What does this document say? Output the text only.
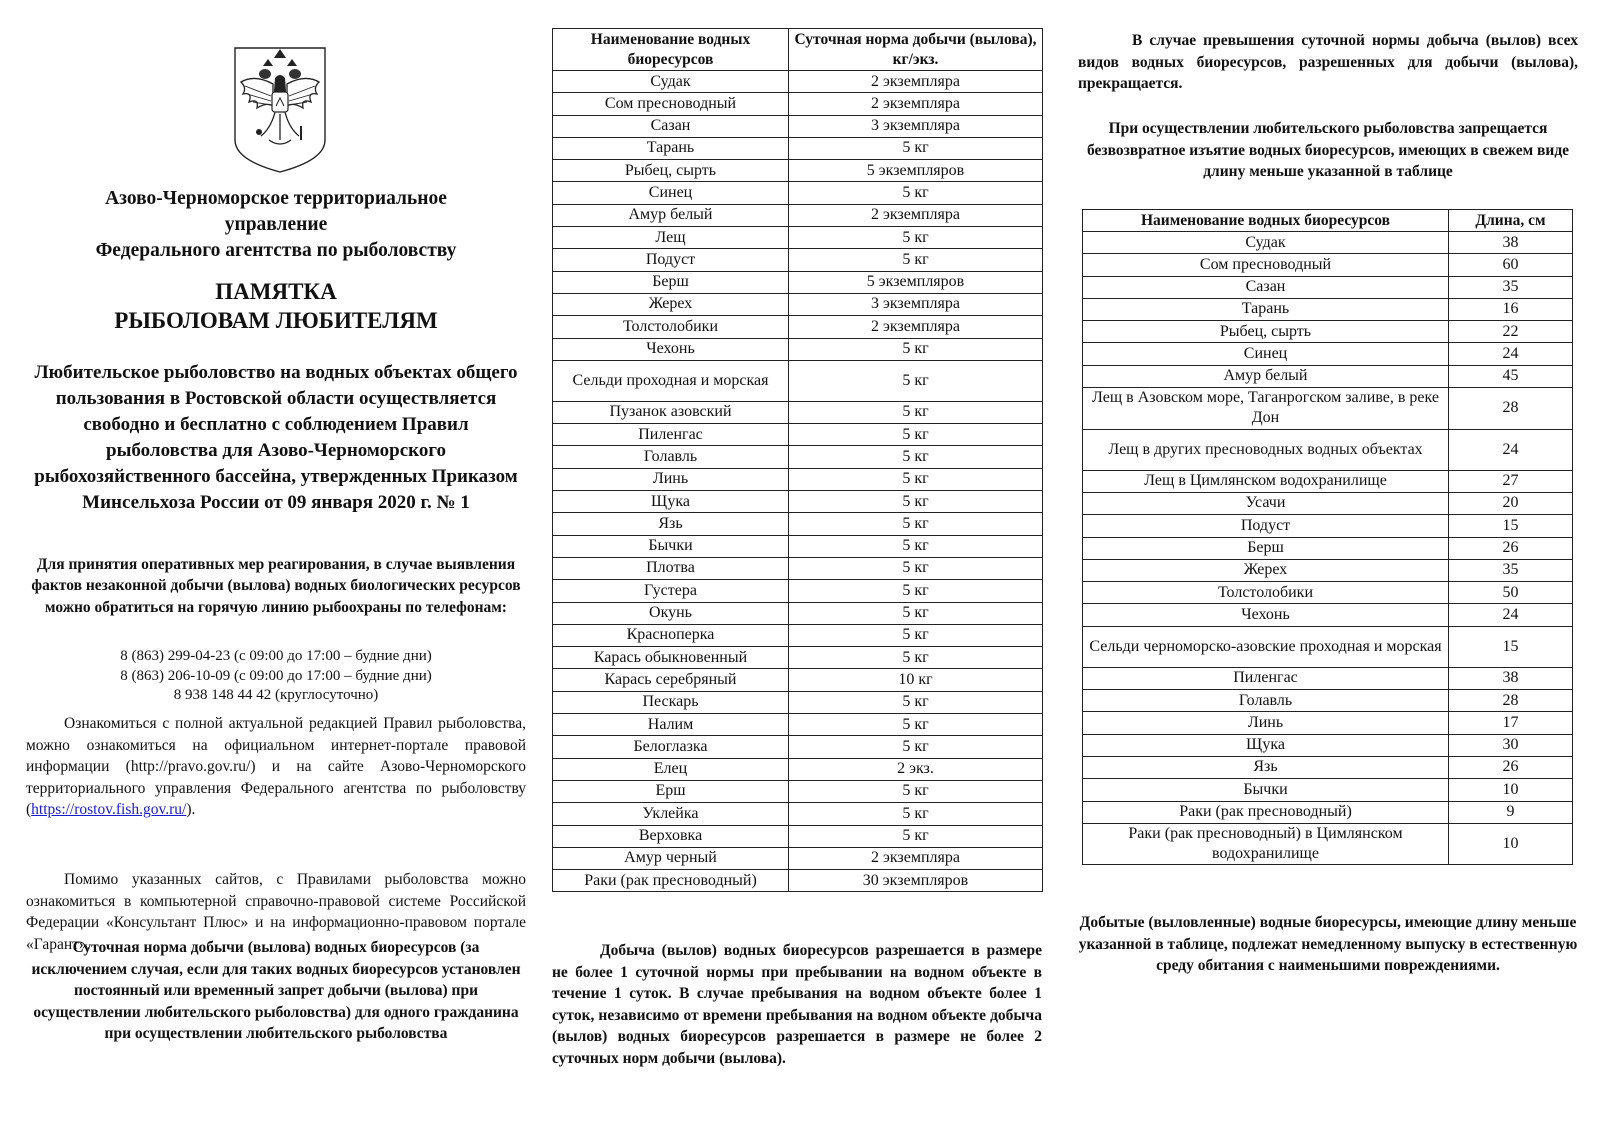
Азово-Черноморское территориальное
управление
Федерального агентства по рыболовству
ПАМЯТКА
РЫБОЛОВАМ ЛЮБИТЕЛЯМ
Любительское рыболовство на водных объектах общего пользования в Ростовской области осуществляется свободно и бесплатно с соблюдением Правил рыболовства для Азово-Черноморского рыбохозяйственного бассейна, утвержденных Приказом Минсельхоза России от 09 января 2020 г. № 1
Для принятия оперативных мер реагирования, в случае выявления фактов незаконной добычи (вылова) водных биологических ресурсов можно обратиться на горячую линию рыбоохраны по телефонам:
8 (863) 299-04-23 (с 09:00 до 17:00 – будние дни)
8 (863) 206-10-09 (с 09:00 до 17:00 – будние дни)
8 938 148 44 42 (круглосуточно)
Ознакомиться с полной актуальной редакцией Правил рыболовства, можно ознакомиться на официальном интернет-портале правовой информации (http://pravo.gov.ru/) и на сайте Азово-Черноморского территориального управления Федерального агентства по рыболовству (https://rostov.fish.gov.ru/).
Помимо указанных сайтов, с Правилами рыболовства можно ознакомиться в компьютерной справочно-правовой системе Российской Федерации «Консультант Плюс» и на информационно-правовом портале «Гарант».
Суточная норма добычи (вылова) водных биоресурсов (за исключением случая, если для таких водных биоресурсов установлен постоянный или временный запрет добычи (вылова) при осуществлении любительского рыболовства) для одного гражданина при осуществлении любительского рыболовства
Наименование водных биоресурсов	Суточная норма добычи (вылова), кг/экз.
Судак	2 экземпляра
Сом пресноводный	2 экземпляра
Сазан	3 экземпляра
Тарань	5 кг
Рыбец, сырть	5 экземпляров
Синец	5 кг
Амур белый	2 экземпляра
Лещ	5 кг
Подуст	5 кг
Берш	5 экземпляров
Жерех	3 экземпляра
Толстолобики	2 экземпляра
Чехонь	5 кг
Сельди проходная и морская	5 кг
Пузанок азовский	5 кг
Пиленгас	5 кг
Голавль	5 кг
Линь	5 кг
Щука	5 кг
Язь	5 кг
Бычки	5 кг
Плотва	5 кг
Густера	5 кг
Окунь	5 кг
Красноперка	5 кг
Карась обыкновенный	5 кг
Карась серебряный	10 кг
Пескарь	5 кг
Налим	5 кг
Белоглазка	5 кг
Елец	2 экз.
Ерш	5 кг
Уклейка	5 кг
Верховка	5 кг
Амур черный	2 экземпляра
Раки (рак пресноводный)	30 экземпляров
Добыча (вылов) водных биоресурсов разрешается в размере не более 1 суточной нормы при пребывании на водном объекте в течение 1 суток. В случае пребывания на водном объекте более 1 суток, независимо от времени пребывания на водном объекте добыча (вылов) водных биоресурсов разрешается в размере не более 2 суточных норм добычи (вылова).
В случае превышения суточной нормы добыча (вылов) всех видов водных биоресурсов, разрешенных для добычи (вылова), прекращается.
При осуществлении любительского рыболовства запрещается безвозвратное изъятие водных биоресурсов, имеющих в свежем виде длину меньше указанной в таблице
Наименование водных биоресурсов	Длина, см
Судак	38
Сом пресноводный	60
Сазан	35
Тарань	16
Рыбец, сырть	22
Синец	24
Амур белый	45
Лещ в Азовском море, Таганрогском заливе, в реке Дон	28
Лещ в других пресноводных водных объектах	24
Лещ в Цимлянском водохранилище	27
Усачи	20
Подуст	15
Берш	26
Жерех	35
Толстолобики	50
Чехонь	24
Сельди черноморско-азовские проходная и морская	15
Пиленгас	38
Голавль	28
Линь	17
Щука	30
Язь	26
Бычки	10
Раки (рак пресноводный)	9
Раки (рак пресноводный) в Цимлянском водохранилище	10
Добытые (выловленные) водные биоресурсы, имеющие длину меньше указанной в таблице, подлежат немедленному выпуску в естественную среду обитания с наименьшими повреждениями.
